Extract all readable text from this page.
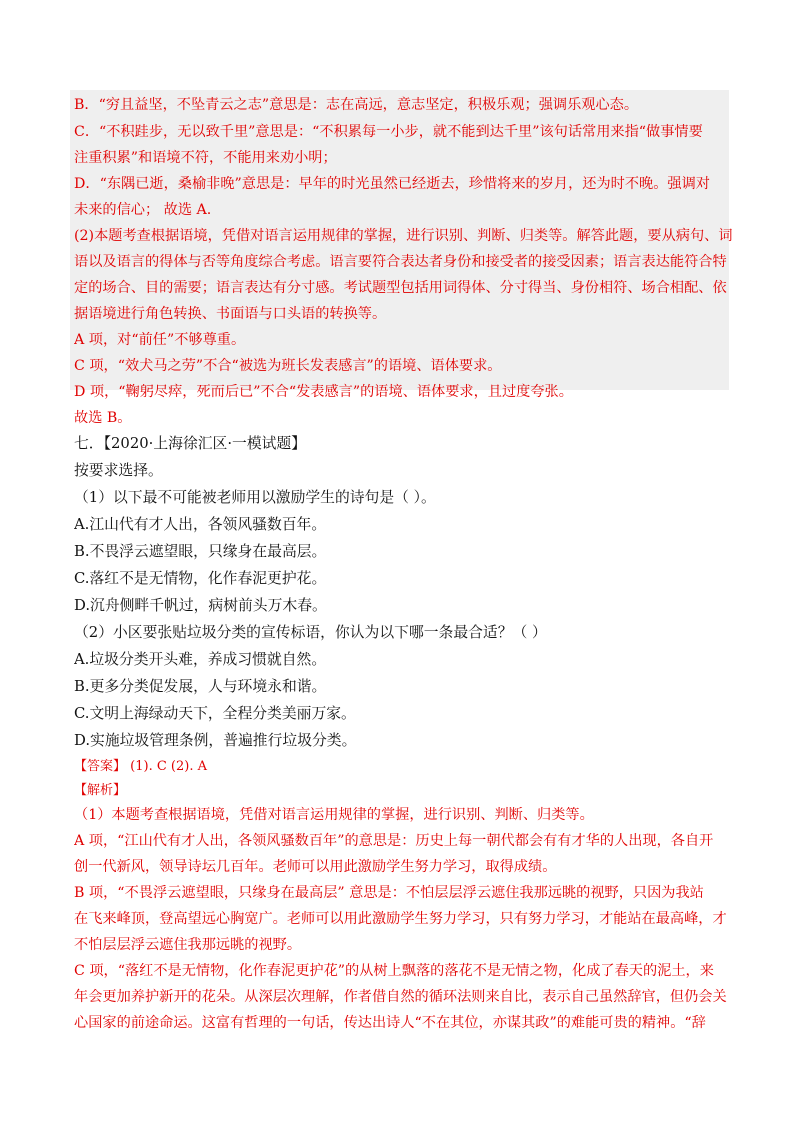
B．“穷且益坚，不坠青云之志”意思是：志在高远，意志坚定，积极乐观；强调乐观心态。
C．“不积跬步，无以致千里”意思是：“不积累每一小步，就不能到达千里”该句话常用来指“做事情要
注重积累”和语境不符，不能用来劝小明；
D．“东隅已逝，桑榆非晚”意思是：早年的时光虽然已经逝去，珍惜将来的岁月，还为时不晚。强调对
未来的信心； 故选 A.
(2)本题考查根据语境，凭借对语言运用规律的掌握，进行识别、判断、归类等。解答此题，要从病句、词
语以及语言的得体与否等角度综合考虑。语言要符合表达者身份和接受者的接受因素；语言表达能符合特
定的场合、目的需要；语言表达有分寸感。考试题型包括用词得体、分寸得当、身份相符、场合相配、依
据语境进行角色转换、书面语与口头语的转换等。
A 项，对“前任”不够尊重。
C 项，“效犬马之劳”不合“被选为班长发表感言”的语境、语体要求。
D 项，“鞠躬尽瘁，死而后已”不合“发表感言”的语境、语体要求，且过度夸张。
故选 B。
七．【2020·上海徐汇区·一模试题】
按要求选择。
（1）以下最不可能被老师用以激励学生的诗句是（ ）。
A.江山代有才人出，各领风骚数百年。
B.不畏浮云遮望眼，只缘身在最高层。
C.落红不是无情物，化作春泥更护花。
D.沉舟侧畔千帆过，病树前头万木春。
（2）小区要张贴垃圾分类的宣传标语，你认为以下哪一条最合适？（ ）
A.垃圾分类开头难，养成习惯就自然。
B.更多分类促发展，人与环境永和谐。
C.文明上海绿动天下，全程分类美丽万家。
D.实施垃圾管理条例，普遍推行垃圾分类。
【答案】 (1). C (2). A
【解析】
（1）本题考查根据语境，凭借对语言运用规律的掌握，进行识别、判断、归类等。
A 项，“江山代有才人出，各领风骚数百年”的意思是：历史上每一朝代都会有有才华的人出现，各自开
创一代新风，领导诗坛几百年。老师可以用此激励学生努力学习，取得成绩。
B 项，“不畏浮云遮望眼，只缘身在最高层” 意思是：不怕层层浮云遮住我那远眺的视野，只因为我站
在飞来峰顶，登高望远心胸宽广。老师可以用此激励学生努力学习，只有努力学习，才能站在最高峰，才
不怕层层浮云遮住我那远眺的视野。
C 项，“落红不是无情物，化作春泥更护花”的从树上飘落的落花不是无情之物，化成了春天的泥土，来
年会更加养护新开的花朵。从深层次理解，作者借自然的循环法则来自比，表示自己虽然辞官，但仍会关
心国家的前途命运。这富有哲理的一句话，传达出诗人“不在其位，亦谋其政”的难能可贵的精神。“辞
